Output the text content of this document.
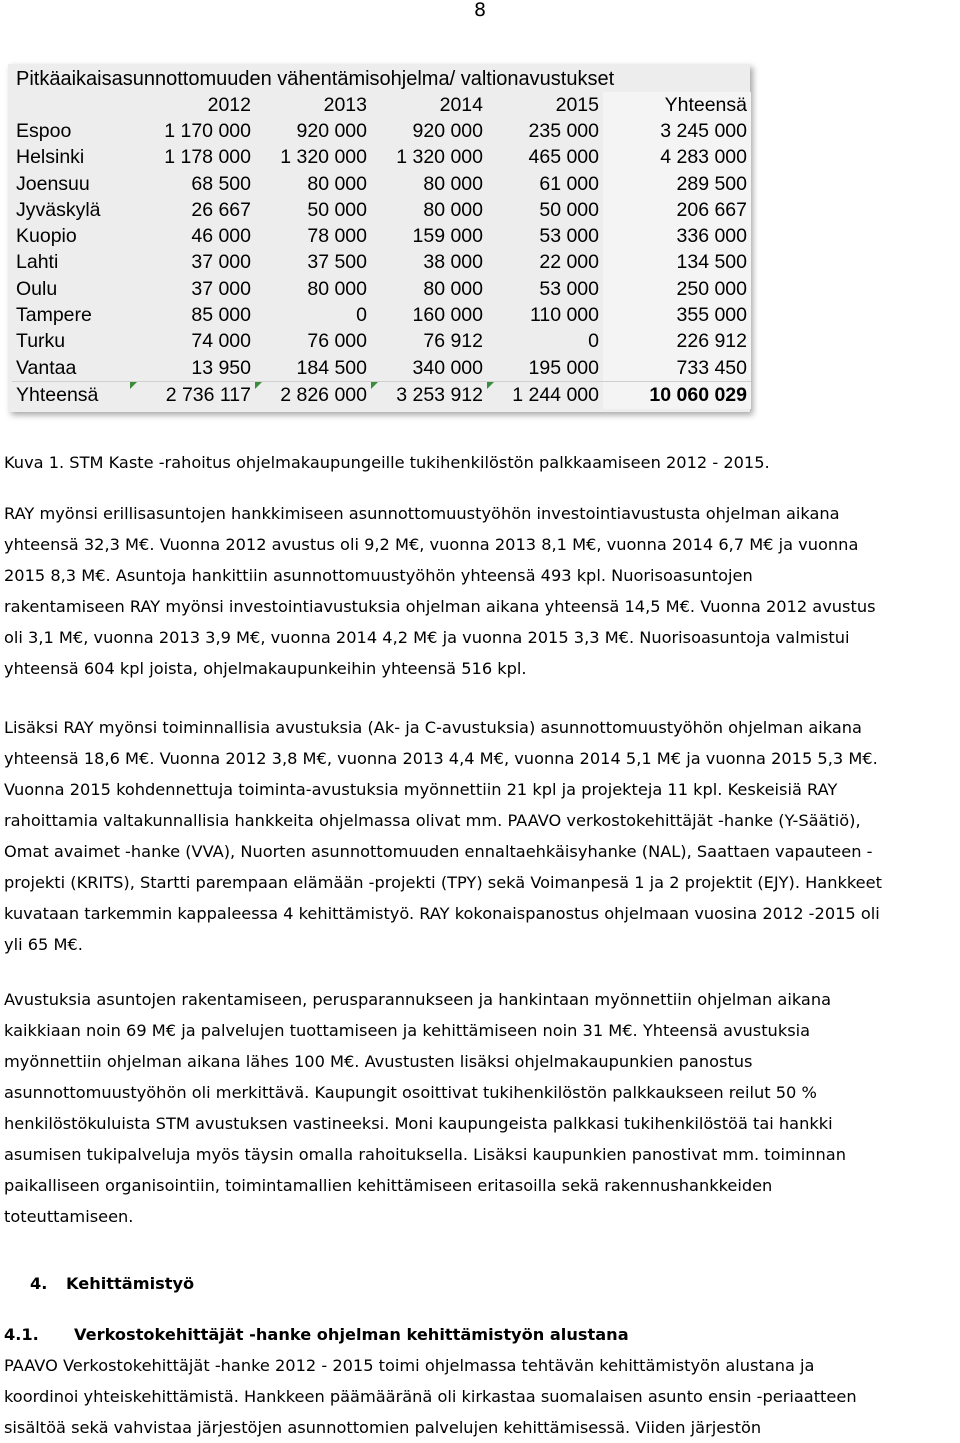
8
Pitkäaikaisasunnottomuuden vähentämisohjelma/ valtionavustukset
	2012	2013	2014	2015	Yhteensä
Espoo	1 170 000	920 000	920 000	235 000	3 245 000
Helsinki	1 178 000	1 320 000	1 320 000	465 000	4 283 000
Joensuu	68 500	80 000	80 000	61 000	289 500
Jyväskylä	26 667	50 000	80 000	50 000	206 667
Kuopio	46 000	78 000	159 000	53 000	336 000
Lahti	37 000	37 500	38 000	22 000	134 500
Oulu	37 000	80 000	80 000	53 000	250 000
Tampere	85 000	0	160 000	110 000	355 000
Turku	74 000	76 000	76 912	0	226 912
Vantaa	13 950	184 500	340 000	195 000	733 450
Yhteensä	2 736 117	2 826 000	3 253 912	1 244 000	10 060 029
Kuva 1. STM Kaste -rahoitus ohjelmakaupungeille tukihenkilöstön palkkaamiseen 2012 - 2015.
RAY myönsi erillisasuntojen hankkimiseen asunnottomuustyöhön investointiavustusta ohjelman aikana
yhteensä 32,3 M€. Vuonna 2012 avustus oli 9,2 M€, vuonna 2013 8,1 M€, vuonna 2014 6,7 M€ ja vuonna
2015 8,3 M€. Asuntoja hankittiin asunnottomuustyöhön yhteensä 493 kpl. Nuorisoasuntojen
rakentamiseen RAY myönsi investointiavustuksia ohjelman aikana yhteensä 14,5 M€. Vuonna 2012 avustus
oli 3,1 M€, vuonna 2013 3,9 M€, vuonna 2014 4,2 M€ ja vuonna 2015 3,3 M€. Nuorisoasuntoja valmistui
yhteensä 604 kpl joista, ohjelmakaupunkeihin yhteensä 516 kpl.
Lisäksi RAY myönsi toiminnallisia avustuksia (Ak- ja C-avustuksia) asunnottomuustyöhön ohjelman aikana
yhteensä 18,6 M€. Vuonna 2012 3,8 M€, vuonna 2013 4,4 M€, vuonna 2014 5,1 M€ ja vuonna 2015 5,3 M€.
Vuonna 2015 kohdennettuja toiminta-avustuksia myönnettiin 21 kpl ja projekteja 11 kpl. Keskeisiä RAY
rahoittamia valtakunnallisia hankkeita ohjelmassa olivat mm. PAAVO verkostokehittäjät -hanke (Y-Säätiö),
Omat avaimet -hanke (VVA), Nuorten asunnottomuuden ennaltaehkäisyhanke (NAL), Saattaen vapauteen -
projekti (KRITS), Startti parempaan elämään -projekti (TPY) sekä Voimanpesä 1 ja 2 projektit (EJY). Hankkeet
kuvataan tarkemmin kappaleessa 4 kehittämistyö. RAY kokonaispanostus ohjelmaan vuosina 2012 -2015 oli
yli 65 M€.
Avustuksia asuntojen rakentamiseen, perusparannukseen ja hankintaan myönnettiin ohjelman aikana
kaikkiaan noin 69 M€ ja palvelujen tuottamiseen ja kehittämiseen noin 31 M€. Yhteensä avustuksia
myönnettiin ohjelman aikana lähes 100 M€. Avustusten lisäksi ohjelmakaupunkien panostus
asunnottomuustyöhön oli merkittävä. Kaupungit osoittivat tukihenkilöstön palkkaukseen reilut 50 %
henkilöstökuluista STM avustuksen vastineeksi. Moni kaupungeista palkkasi tukihenkilöstöä tai hankki
asumisen tukipalveluja myös täysin omalla rahoituksella. Lisäksi kaupunkien panostivat mm. toiminnan
paikalliseen organisointiin, toimintamallien kehittämiseen eritasoilla sekä rakennushankkeiden
toteuttamiseen.
4. Kehittämistyö
4.1. Verkostokehittäjät -hanke ohjelman kehittämistyön alustana
PAAVO Verkostokehittäjät -hanke 2012 - 2015 toimi ohjelmassa tehtävän kehittämistyön alustana ja
koordinoi yhteiskehittämistä. Hankkeen päämääränä oli kirkastaa suomalaisen asunto ensin -periaatteen
sisältöä sekä vahvistaa järjestöjen asunnottomien palvelujen kehittämisessä. Viiden järjestön
